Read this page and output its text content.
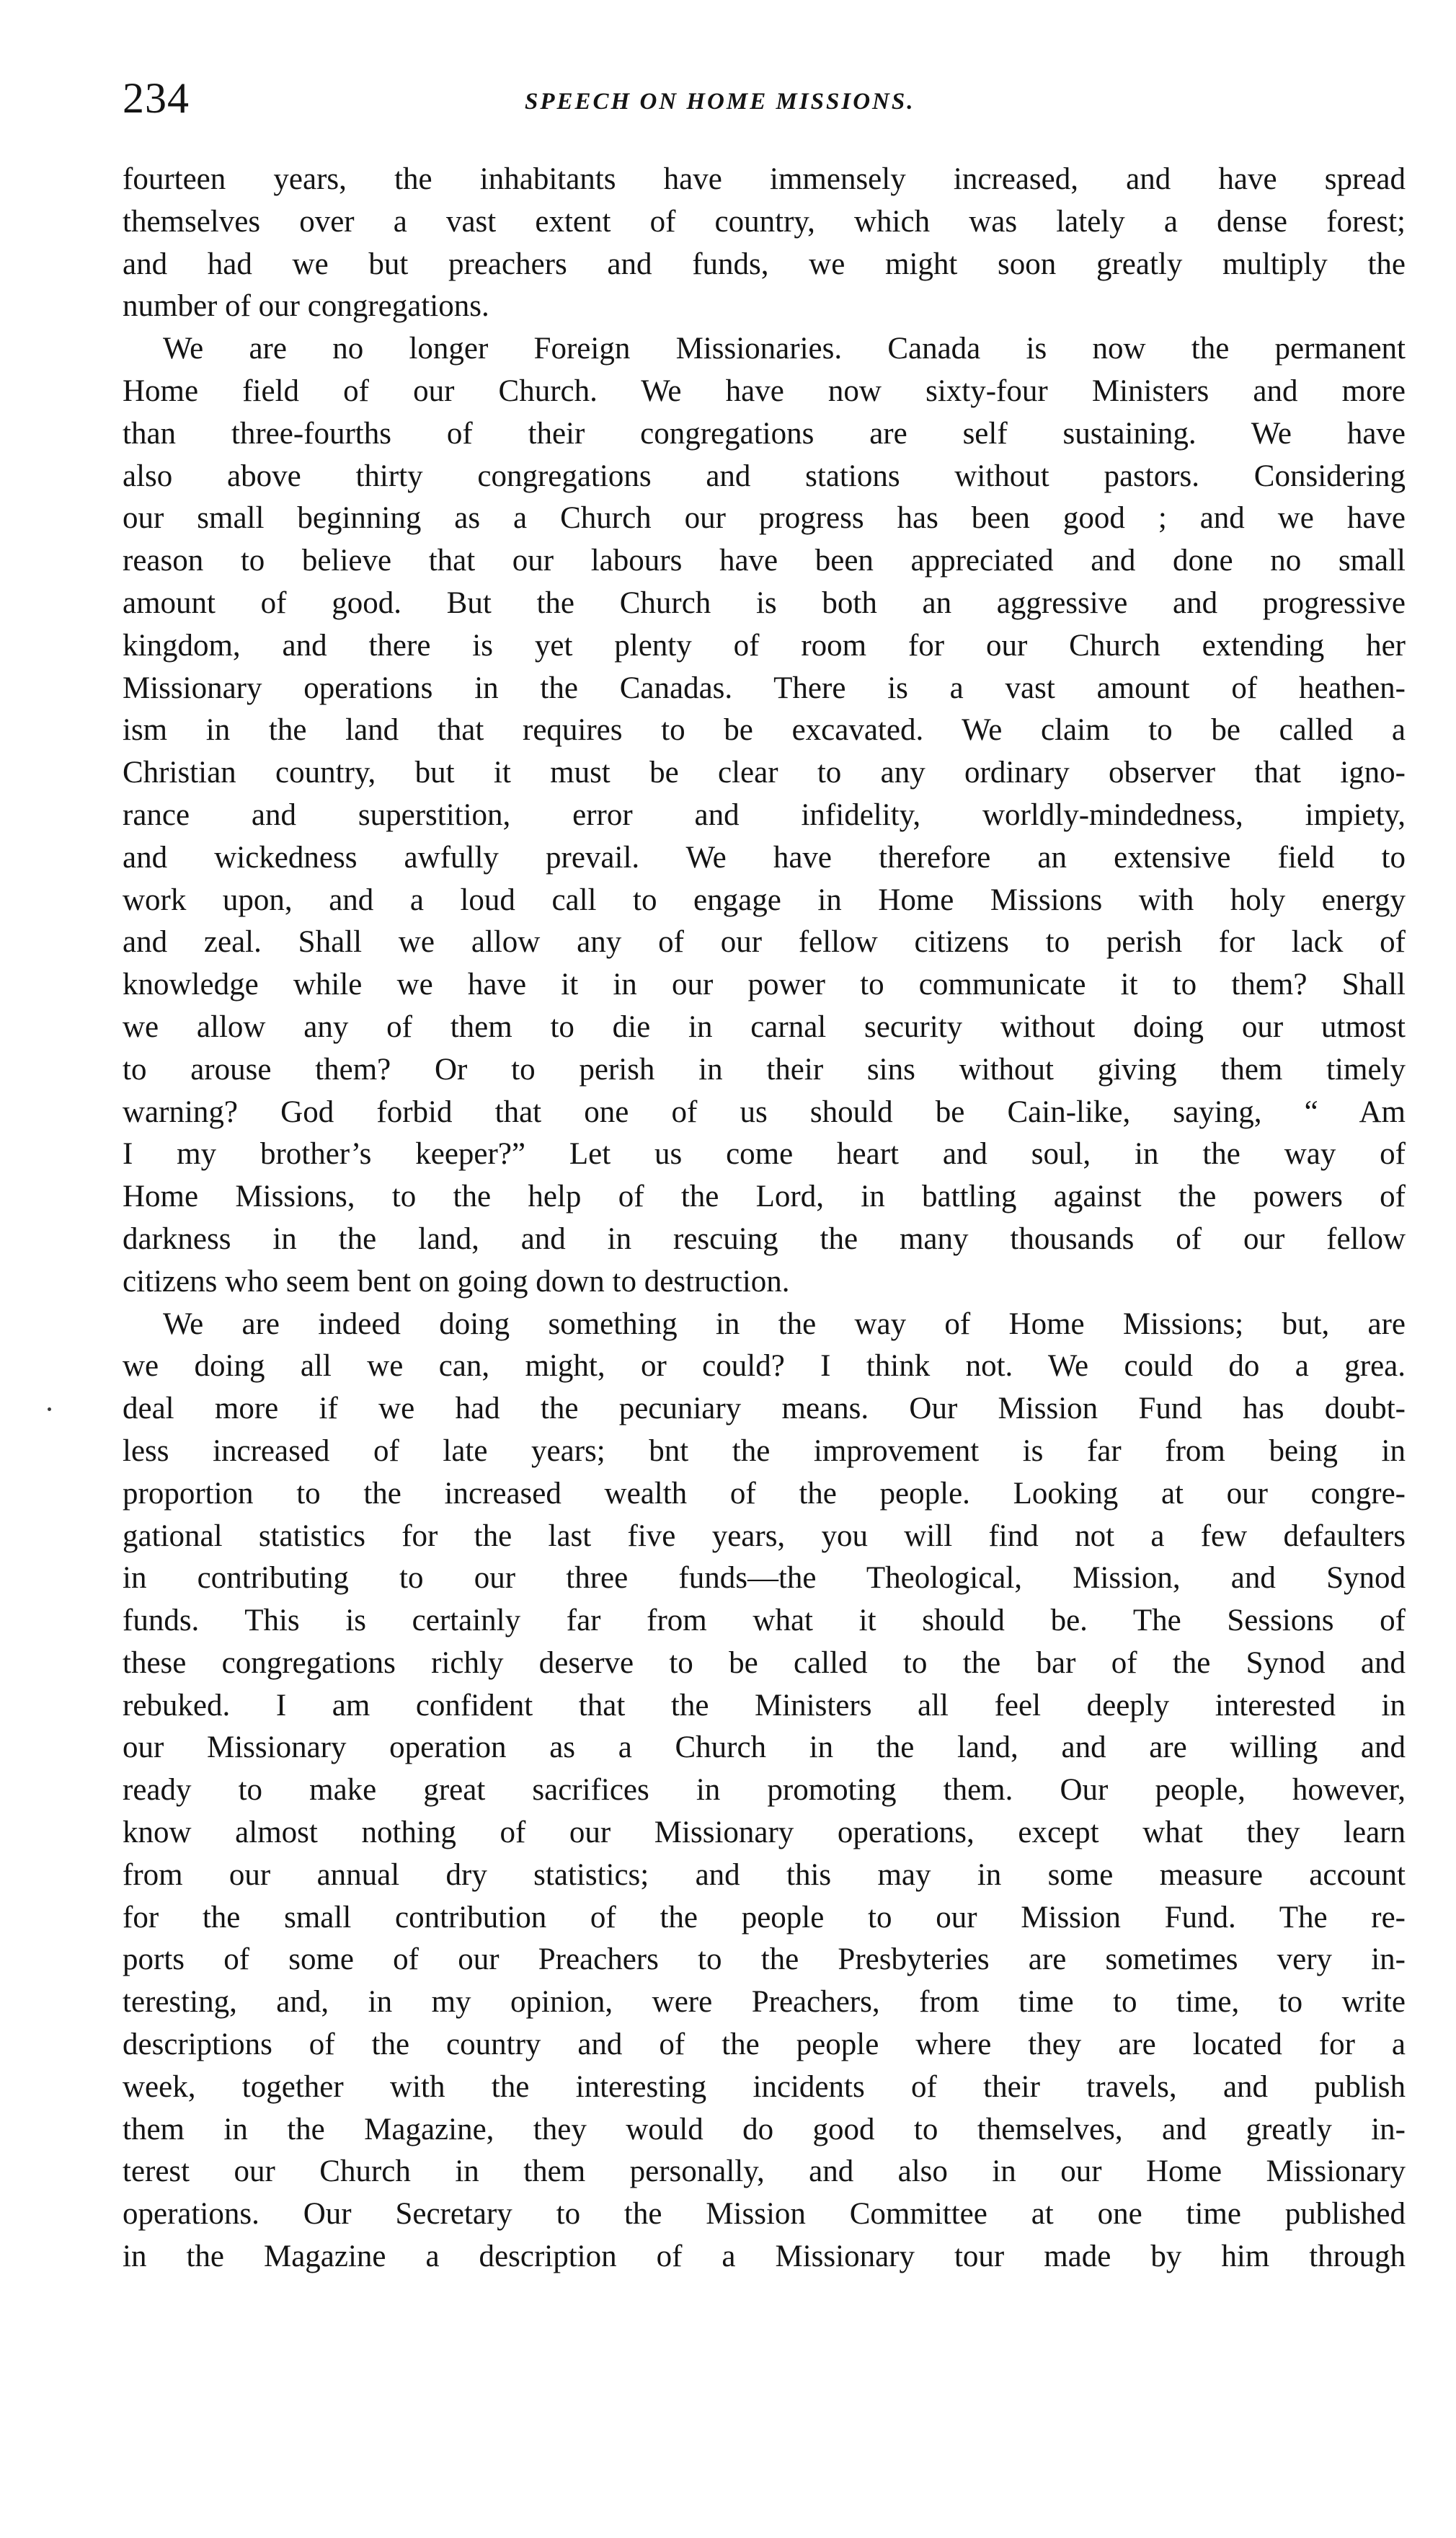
234	SPEECH ON HOME MISSIONS.
fourteen years, the inhabitants have immensely increased, and have spread
themselves over a vast extent of country, which was lately a dense forest;
and had we but preachers and funds, we might soon greatly multiply the
number of our congregations.
We are no longer Foreign Missionaries. Canada is now the permanent
Home field of our Church. We have now sixty-four Ministers and more
than three-fourths of their congregations are self sustaining. We have
also above thirty congregations and stations without pastors. Considering
our small beginning as a Church our progress has been good ; and we have
reason to believe that our labours have been appreciated and done no small
amount of good. But the Church is both an aggressive and progressive
kingdom, and there is yet plenty of room for our Church extending her
Missionary operations in the Canadas. There is a vast amount of heathen-
ism in the land that requires to be excavated. We claim to be called a
Christian country, but it must be clear to any ordinary observer that igno-
rance and superstition, error and infidelity, worldly-mindedness, impiety,
and wickedness awfully prevail. We have therefore an extensive field to
work upon, and a loud call to engage in Home Missions with holy energy
and zeal. Shall we allow any of our fellow citizens to perish for lack of
knowledge while we have it in our power to communicate it to them? Shall
we allow any of them to die in carnal security without doing our utmost
to arouse them? Or to perish in their sins without giving them timely
warning? God forbid that one of us should be Cain-like, saying, “ Am
I my brother’s keeper?” Let us come heart and soul, in the way of
Home Missions, to the help of the Lord, in battling against the powers of
darkness in the land, and in rescuing the many thousands of our fellow
citizens who seem bent on going down to destruction.
We are indeed doing something in the way of Home Missions; but, are
we doing all we can, might, or could? I think not. We could do a grea.
deal more if we had the pecuniary means. Our Mission Fund has doubt-
less increased of late years; bnt the improvement is far from being in
proportion to the increased wealth of the people. Looking at our congre-
gational statistics for the last five years, you will find not a few defaulters
in contributing to our three funds—the Theological, Mission, and Synod
funds. This is certainly far from what it should be. The Sessions of
these congregations richly deserve to be called to the bar of the Synod and
rebuked. I am confident that the Ministers all feel deeply interested in
our Missionary operation as a Church in the land, and are willing and
ready to make great sacrifices in promoting them. Our people, however,
know almost nothing of our Missionary operations, except what they learn
from our annual dry statistics; and this may in some measure account
for the small contribution of the people to our Mission Fund. The re-
ports of some of our Preachers to the Presbyteries are sometimes very in-
teresting, and, in my opinion, were Preachers, from time to time, to write
descriptions of the country and of the people where they are located for a
week, together with the interesting incidents of their travels, and publish
them in the Magazine, they would do good to themselves, and greatly in-
terest our Church in them personally, and also in our Home Missionary
operations. Our Secretary to the Mission Committee at one time published
in the Magazine a description of a Missionary tour made by him through
